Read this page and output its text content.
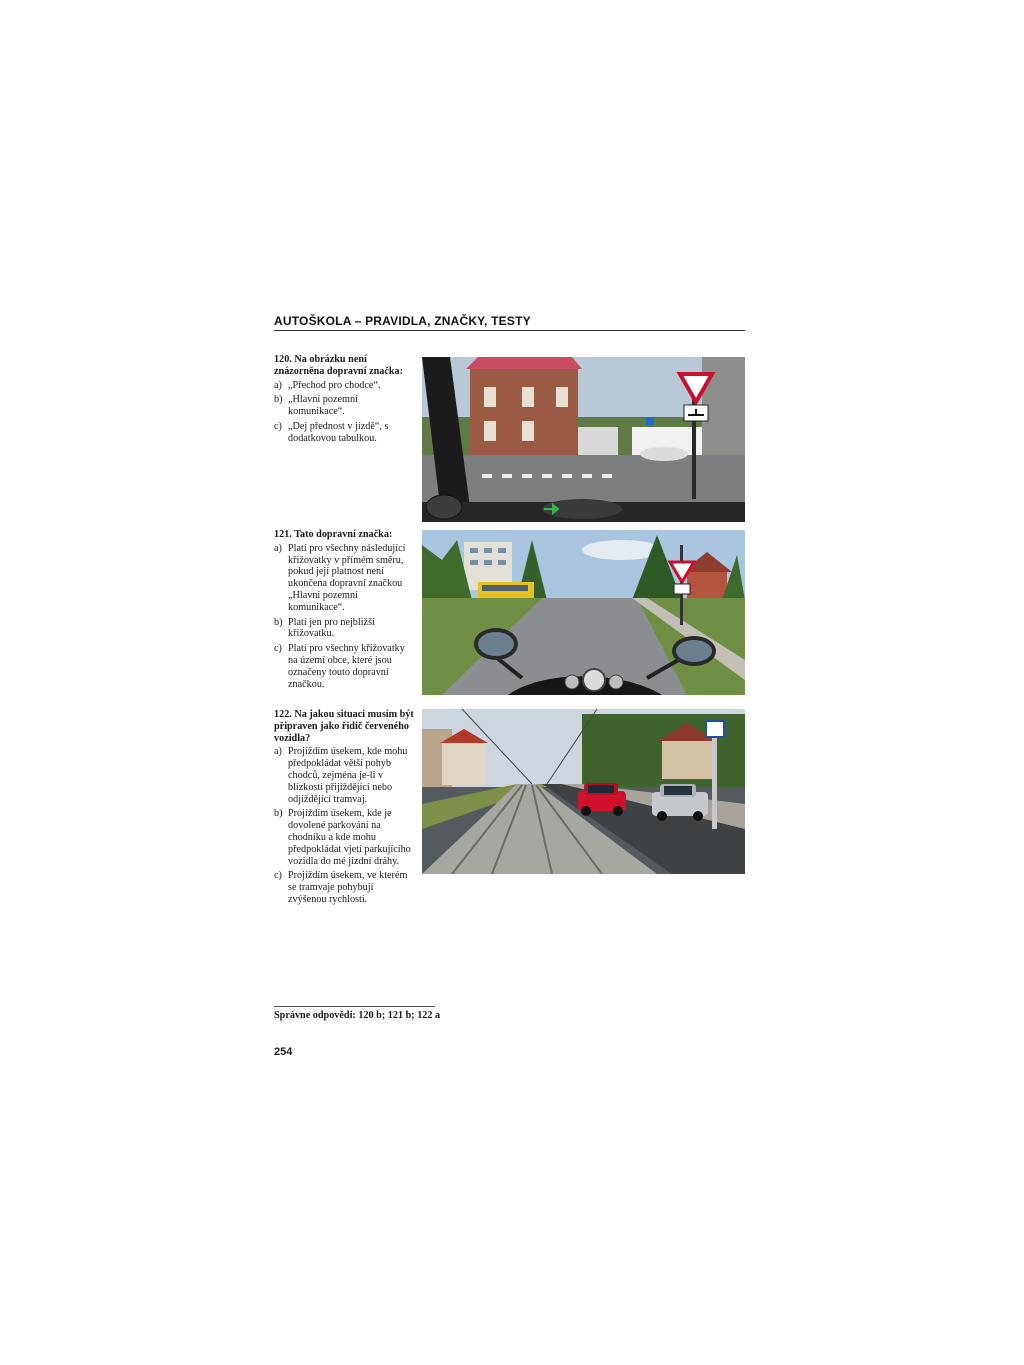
AUTOŠKOLA – PRAVIDLA, ZNAČKY, TESTY
120. Na obrázku není znázorněna dopravní značka:
a) „Přechod pro chodce“.
b) „Hlavní pozemní komunikace“.
c) „Dej přednost v jízdě“, s dodatkovou tabulkou.
121. Tato dopravní značka:
a) Platí pro všechny následující křižovatky v přímém směru, pokud její platnost není ukončena dopravní značkou „Hlavní pozemní komunikace“.
b) Platí jen pro nejbližší křižovatku.
c) Platí pro všechny křižovatky na území obce, které jsou označeny touto dopravní značkou.
122. Na jakou situaci musím být připraven jako řidič červeného vozidla?
a) Projíždím úsekem, kde mohu předpokládat větší pohyb chodců, zejména je-li v blízkosti přijíždějící nebo odjíždějící tramvaj.
b) Projíždím úsekem, kde je dovolené parkování na chodníku a kde mohu předpokládat vjetí parkujícího vozidla do mé jízdní dráhy.
c) Projíždím úsekem, ve kterém se tramvaje pohybují zvýšenou rychlostí.
Správne odpovědi: 120 b; 121 b; 122 a
254
